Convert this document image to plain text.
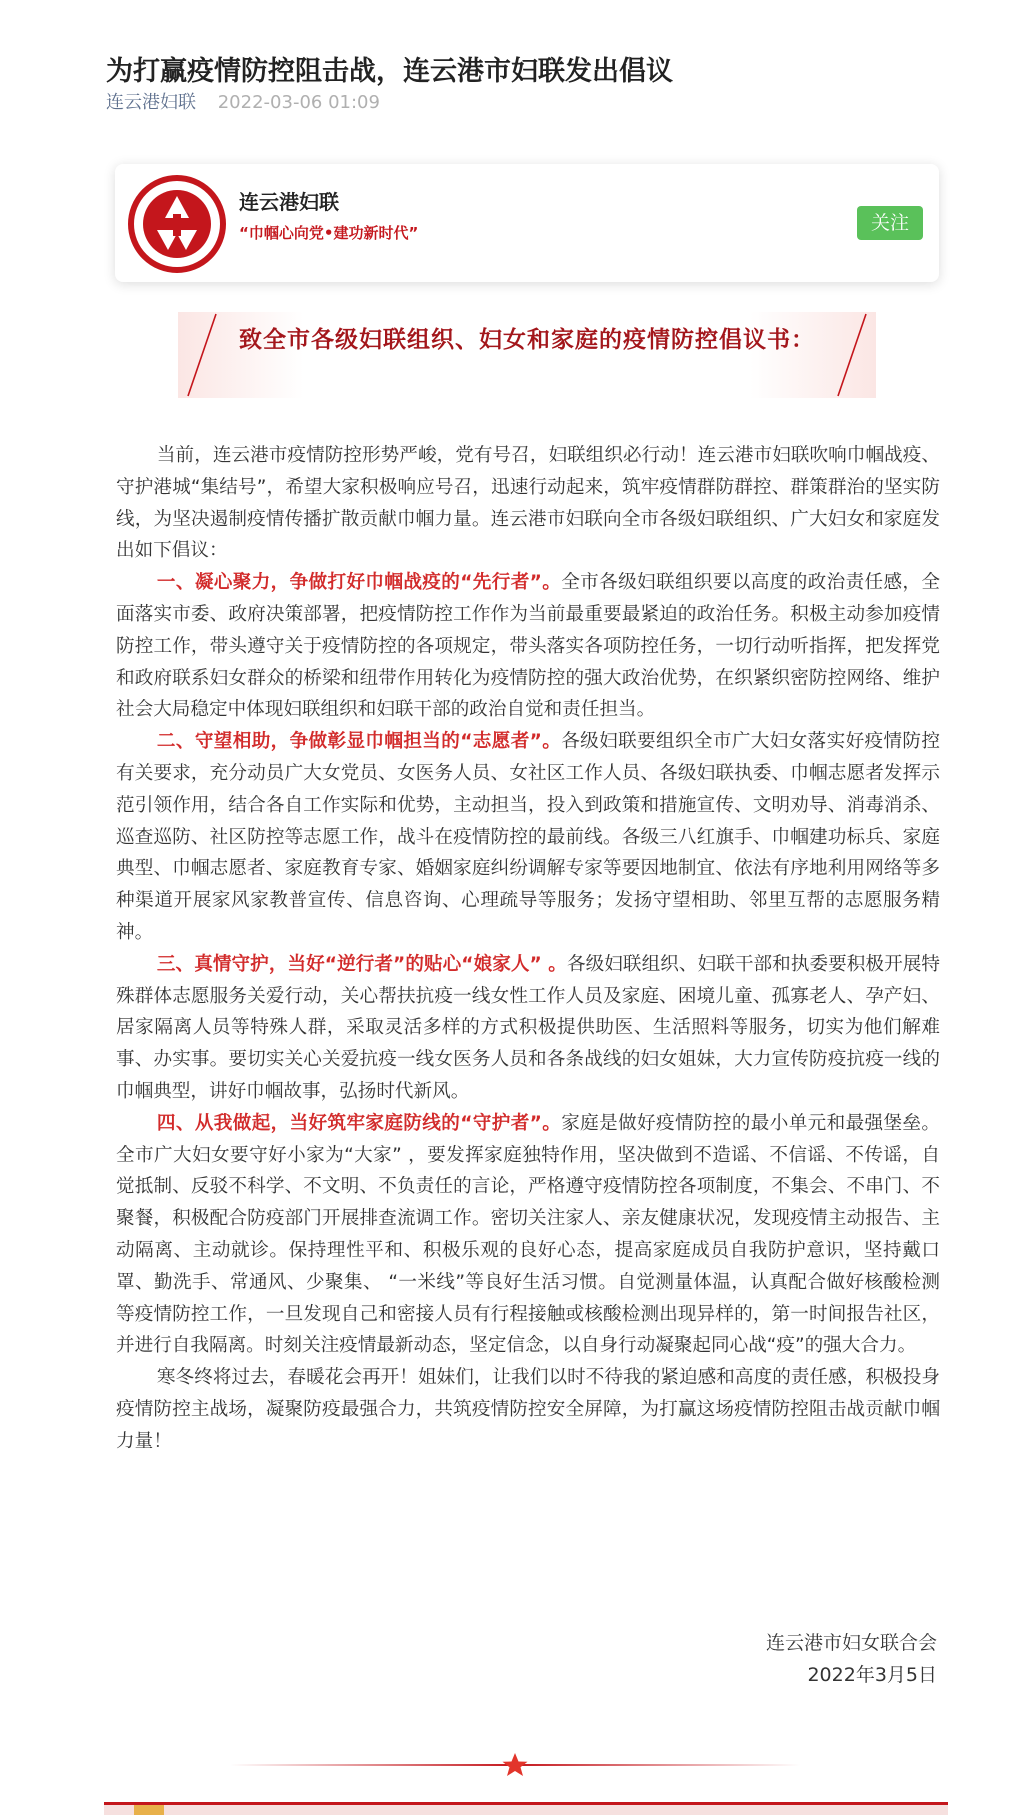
为打赢疫情防控阻击战，连云港市妇联发出倡议
连云港妇联 2022-03-06 01:09
连云港妇联
“巾帼心向党•建功新时代”	关注
致全市各级妇联组织、妇女和家庭的疫情防控倡议书：

当前，连云港市疫情防控形势严峻，党有号召，妇联组织必行动！连云港市妇联吹响巾帼战疫、守护港城“集结号”，希望大家积极响应号召，迅速行动起来，筑牢疫情群防群控、群策群治的坚实防线，为坚决遏制疫情传播扩散贡献巾帼力量。连云港市妇联向全市各级妇联组织、广大妇女和家庭发出如下倡议：

一、凝心聚力，争做打好巾帼战疫的“先行者”。全市各级妇联组织要以高度的政治责任感，全面落实市委、政府决策部署，把疫情防控工作作为当前最重要最紧迫的政治任务。积极主动参加疫情防控工作，带头遵守关于疫情防控的各项规定，带头落实各项防控任务，一切行动听指挥，把发挥党和政府联系妇女群众的桥梁和纽带作用转化为疫情防控的强大政治优势，在织紧织密防控网络、维护社会大局稳定中体现妇联组织和妇联干部的政治自觉和责任担当。

二、守望相助，争做彰显巾帼担当的“志愿者”。各级妇联要组织全市广大妇女落实好疫情防控有关要求，充分动员广大女党员、女医务人员、女社区工作人员、各级妇联执委、巾帼志愿者发挥示范引领作用，结合各自工作实际和优势，主动担当，投入到政策和措施宣传、文明劝导、消毒消杀、巡查巡防、社区防控等志愿工作，战斗在疫情防控的最前线。各级三八红旗手、巾帼建功标兵、家庭典型、巾帼志愿者、家庭教育专家、婚姻家庭纠纷调解专家等要因地制宜、依法有序地利用网络等多种渠道开展家风家教普宣传、信息咨询、心理疏导等服务；发扬守望相助、邻里互帮的志愿服务精神。

三、真情守护，当好“逆行者”的贴心“娘家人” 。各级妇联组织、妇联干部和执委要积极开展特殊群体志愿服务关爱行动，关心帮扶抗疫一线女性工作人员及家庭、困境儿童、孤寡老人、孕产妇、居家隔离人员等特殊人群，采取灵活多样的方式积极提供助医、生活照料等服务，切实为他们解难事、办实事。要切实关心关爱抗疫一线女医务人员和各条战线的妇女姐妹，大力宣传防疫抗疫一线的巾帼典型，讲好巾帼故事，弘扬时代新风。

四、从我做起，当好筑牢家庭防线的“守护者”。家庭是做好疫情防控的最小单元和最强堡垒。全市广大妇女要守好小家为“大家” ，要发挥家庭独特作用，坚决做到不造谣、不信谣、不传谣，自觉抵制、反驳不科学、不文明、不负责任的言论，严格遵守疫情防控各项制度，不集会、不串门、不聚餐，积极配合防疫部门开展排查流调工作。密切关注家人、亲友健康状况，发现疫情主动报告、主动隔离、主动就诊。保持理性平和、积极乐观的良好心态，提高家庭成员自我防护意识，坚持戴口罩、勤洗手、常通风、少聚集、 “一米线”等良好生活习惯。自觉测量体温，认真配合做好核酸检测等疫情防控工作，一旦发现自己和密接人员有行程接触或核酸检测出现异样的，第一时间报告社区，并进行自我隔离。时刻关注疫情最新动态，坚定信念，以自身行动凝聚起同心战“疫”的强大合力。

寒冬终将过去，春暖花会再开！姐妹们，让我们以时不待我的紧迫感和高度的责任感，积极投身疫情防控主战场，凝聚防疫最强合力，共筑疫情防控安全屏障，为打赢这场疫情防控阻击战贡献巾帼力量！

连云港市妇女联合会
2022年3月5日
